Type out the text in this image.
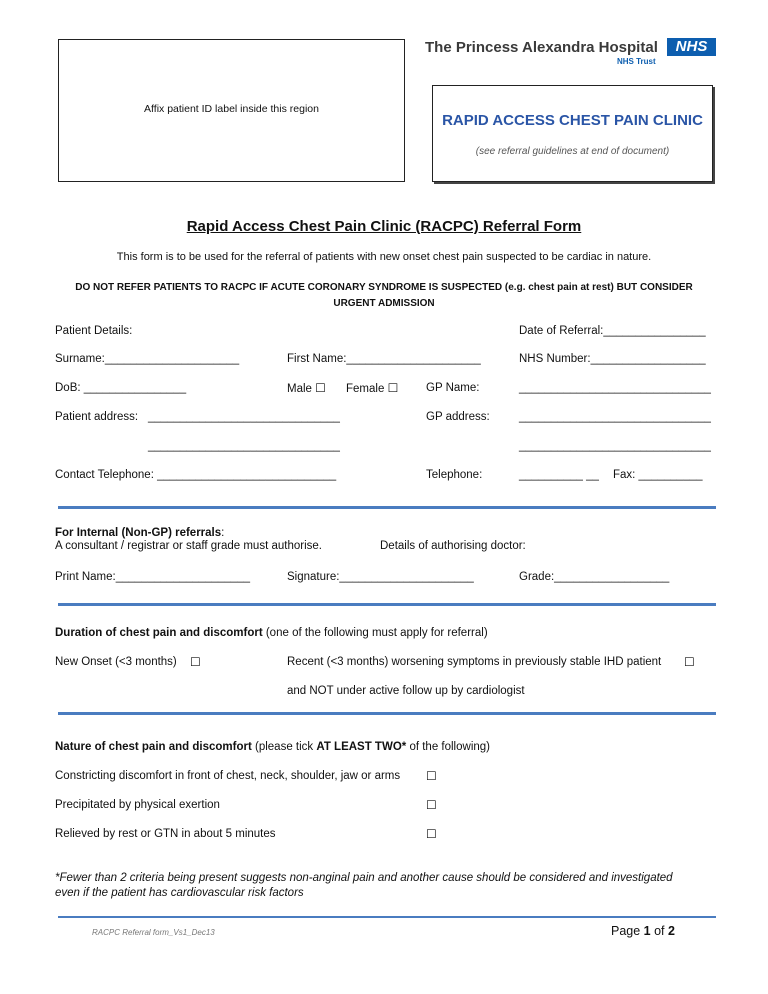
Affix patient ID label inside this region
The Princess Alexandra Hospital	NHS
NHS Trust
RAPID ACCESS CHEST PAIN CLINIC
(see referral guidelines at end of document)
Rapid Access Chest Pain Clinic (RACPC) Referral Form
This form is to be used for the referral of patients with new onset chest pain suspected to be cardiac in nature.
DO NOT REFER PATIENTS TO RACPC IF ACUTE CORONARY SYNDROME IS SUSPECTED (e.g. chest pain at rest) BUT CONSIDER
URGENT ADMISSION
Patient Details:	Date of Referral:________________
Surname:_____________________	First Name:_____________________	NHS Number:__________________
DoB: ________________	Male ☐ Female ☐ GP Name:	______________________________
Patient address: ______________________________	GP address:	______________________________
______________________________	______________________________
Contact Telephone: ____________________________	Telephone:	__________ __ Fax: __________
For Internal (Non-GP) referrals:
A consultant / registrar or staff grade must authorise.	Details of authorising doctor:
Print Name:_____________________	Signature:_____________________	Grade:__________________
Duration of chest pain and discomfort (one of the following must apply for referral)
New Onset (<3 months) ☐	Recent (<3 months) worsening symptoms in previously stable IHD patient ☐
and NOT under active follow up by cardiologist
Nature of chest pain and discomfort (please tick AT LEAST TWO* of the following)
Constricting discomfort in front of chest, neck, shoulder, jaw or arms ☐
Precipitated by physical exertion	☐
Relieved by rest or GTN in about 5 minutes	☐
*Fewer than 2 criteria being present suggests non-anginal pain and another cause should be considered and investigated
even if the patient has cardiovascular risk factors
RACPC Referral form_Vs1_Dec13	Page 1 of 2
